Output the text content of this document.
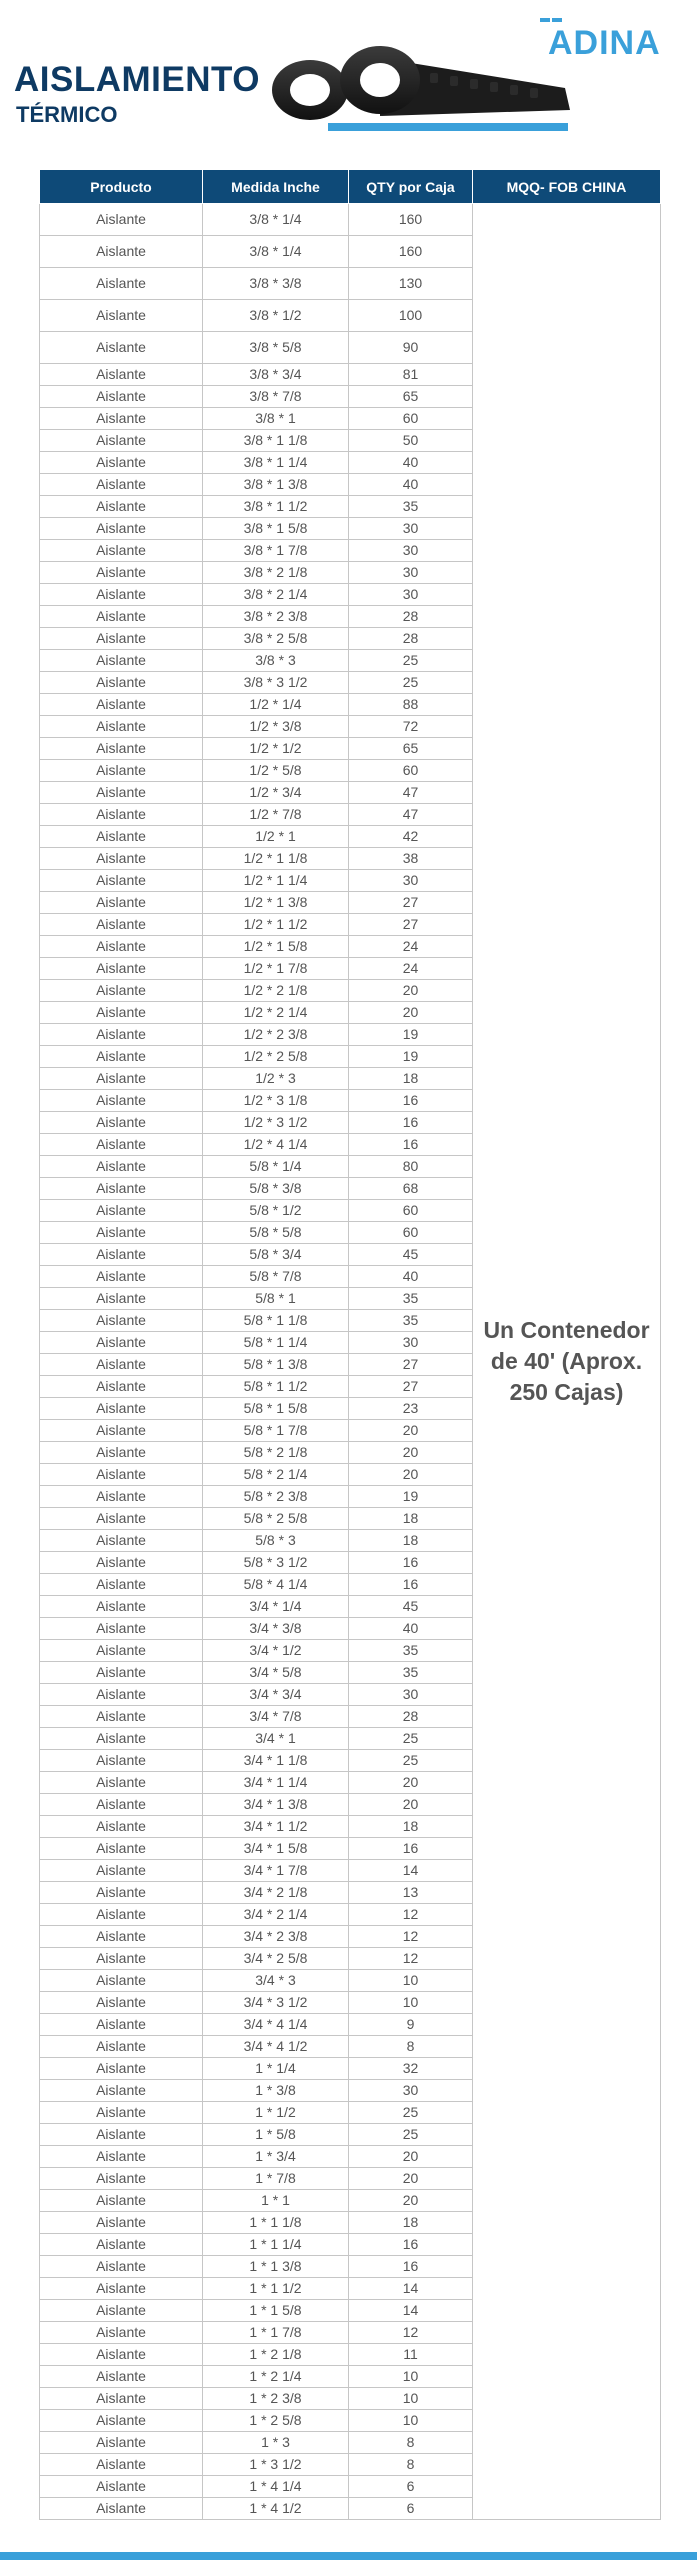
AISLAMIENTO
TÉRMICO
ADINA
Producto	Medida Inche	QTY por Caja	MQQ- FOB CHINA
Aislante	3/8 * 1/4	160	Un Contenedor de 40' (Aprox. 250 Cajas)
Aislante	3/8 * 1/4	160	
Aislante	3/8 * 3/8	130	
Aislante	3/8 * 1/2	100	
Aislante	3/8 * 5/8	90	
Aislante	3/8 * 3/4	81	
Aislante	3/8 * 7/8	65	
Aislante	3/8 * 1	60	
Aislante	3/8 * 1 1/8	50	
Aislante	3/8 * 1 1/4	40	
Aislante	3/8 * 1 3/8	40	
Aislante	3/8 * 1 1/2	35	
Aislante	3/8 * 1 5/8	30	
Aislante	3/8 * 1 7/8	30	
Aislante	3/8 * 2 1/8	30	
Aislante	3/8 * 2 1/4	30	
Aislante	3/8 * 2 3/8	28	
Aislante	3/8 * 2 5/8	28	
Aislante	3/8 * 3	25	
Aislante	3/8 * 3 1/2	25	
Aislante	1/2 * 1/4	88	
Aislante	1/2 * 3/8	72	
Aislante	1/2 * 1/2	65	
Aislante	1/2 * 5/8	60	
Aislante	1/2 * 3/4	47	
Aislante	1/2 * 7/8	47	
Aislante	1/2 * 1	42	
Aislante	1/2 * 1 1/8	38	
Aislante	1/2 * 1 1/4	30	
Aislante	1/2 * 1 3/8	27	
Aislante	1/2 * 1 1/2	27	
Aislante	1/2 * 1 5/8	24	
Aislante	1/2 * 1 7/8	24	
Aislante	1/2 * 2 1/8	20	
Aislante	1/2 * 2 1/4	20	
Aislante	1/2 * 2 3/8	19	
Aislante	1/2 * 2 5/8	19	
Aislante	1/2 * 3	18	
Aislante	1/2 * 3 1/8	16	
Aislante	1/2 * 3 1/2	16	
Aislante	1/2 * 4 1/4	16	
Aislante	5/8 * 1/4	80	
Aislante	5/8 * 3/8	68	
Aislante	5/8 * 1/2	60	
Aislante	5/8 * 5/8	60	
Aislante	5/8 * 3/4	45	
Aislante	5/8 * 7/8	40	
Aislante	5/8 * 1	35	
Aislante	5/8 * 1 1/8	35	
Aislante	5/8 * 1 1/4	30	
Aislante	5/8 * 1 3/8	27	
Aislante	5/8 * 1 1/2	27	
Aislante	5/8 * 1 5/8	23	
Aislante	5/8 * 1 7/8	20	
Aislante	5/8 * 2 1/8	20	
Aislante	5/8 * 2 1/4	20	
Aislante	5/8 * 2 3/8	19	
Aislante	5/8 * 2 5/8	18	
Aislante	5/8 * 3	18	
Aislante	5/8 * 3 1/2	16	
Aislante	5/8 * 4 1/4	16	
Aislante	3/4 * 1/4	45	
Aislante	3/4 * 3/8	40	
Aislante	3/4 * 1/2	35	
Aislante	3/4 * 5/8	35	
Aislante	3/4 * 3/4	30	
Aislante	3/4 * 7/8	28	
Aislante	3/4 * 1	25	
Aislante	3/4 * 1 1/8	25	
Aislante	3/4 * 1 1/4	20	
Aislante	3/4 * 1 3/8	20	
Aislante	3/4 * 1 1/2	18	
Aislante	3/4 * 1 5/8	16	
Aislante	3/4 * 1 7/8	14	
Aislante	3/4 * 2 1/8	13	
Aislante	3/4 * 2 1/4	12	
Aislante	3/4 * 2 3/8	12	
Aislante	3/4 * 2 5/8	12	
Aislante	3/4 * 3	10	
Aislante	3/4 * 3 1/2	10	
Aislante	3/4 * 4 1/4	9	
Aislante	3/4 * 4 1/2	8	
Aislante	1 * 1/4	32	
Aislante	1 * 3/8	30	
Aislante	1 * 1/2	25	
Aislante	1 * 5/8	25	
Aislante	1 * 3/4	20	
Aislante	1 * 7/8	20	
Aislante	1 * 1	20	
Aislante	1 * 1 1/8	18	
Aislante	1 * 1 1/4	16	
Aislante	1 * 1 3/8	16	
Aislante	1 * 1 1/2	14	
Aislante	1 * 1 5/8	14	
Aislante	1 * 1 7/8	12	
Aislante	1 * 2 1/8	11	
Aislante	1 * 2 1/4	10	
Aislante	1 * 2 3/8	10	
Aislante	1 * 2 5/8	10	
Aislante	1 * 3	8	
Aislante	1 * 3 1/2	8	
Aislante	1 * 4 1/4	6	
Aislante	1 * 4 1/2	6	
